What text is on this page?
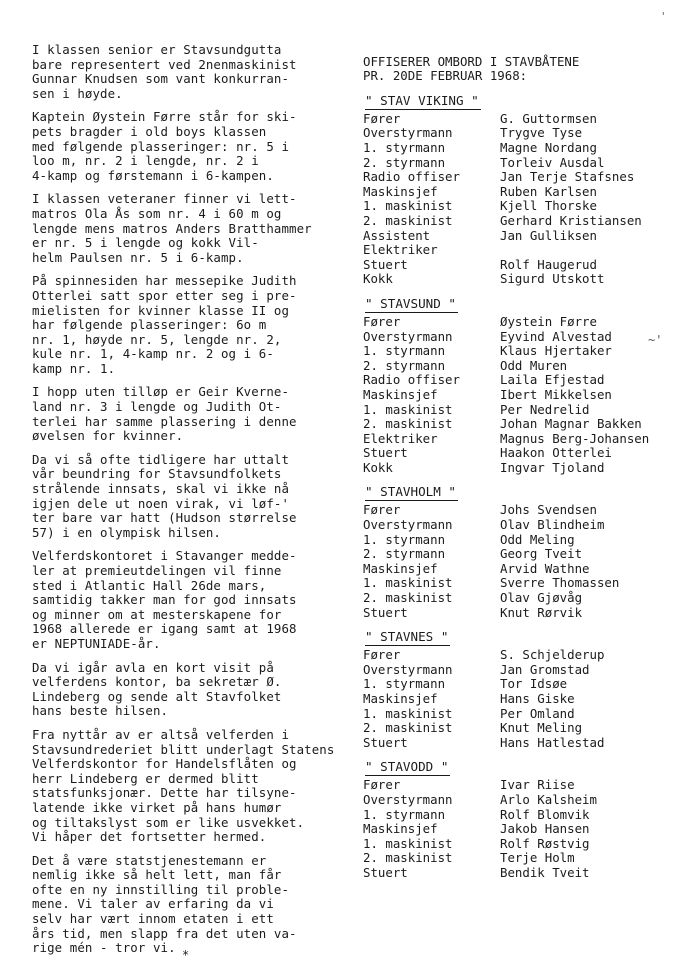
'

I klassen senior er Stavsundgutta
bare representert ved 2nenmaskinist
Gunnar Knudsen som vant konkurran-
sen i høyde.

Kaptein Øystein Førre står for ski-
pets bragder i old boys klassen
med følgende plasseringer: nr. 5 i
loo m, nr. 2 i lengde, nr. 2 i
4-kamp og førstemann i 6-kampen.

I klassen veteraner finner vi lett-
matros Ola Ås som nr. 4 i 60 m og
lengde mens matros Anders Bratthammer
er nr. 5 i lengde og kokk Vil-
helm Paulsen nr. 5 i 6-kamp.

På spinnesiden har messepike Judith
Otterlei satt spor etter seg i pre-
mielisten for kvinner klasse II og
har følgende plasseringer: 6o m
nr. 1, høyde nr. 5, lengde nr. 2,
kule nr. 1, 4-kamp nr. 2 og i 6-
kamp nr. 1.

I hopp uten tilløp er Geir Kverne-
land nr. 3 i lengde og Judith Ot-
terlei har samme plassering i denne
øvelsen for kvinner.

Da vi så ofte tidligere har uttalt
vår beundring for Stavsundfolkets
strålende innsats, skal vi ikke nå
igjen dele ut noen virak, vi løf-'
ter bare var hatt (Hudson størrelse
57) i en olympisk hilsen.

Velferdskontoret i Stavanger medde-
ler at premieutdelingen vil finne
sted i Atlantic Hall 26de mars,
samtidig takker man for god innsats
og minner om at mesterskapene for
1968 allerede er igang samt at 1968
er NEPTUNIADE-år.

Da vi igår avla en kort visit på
velferdens kontor, ba sekretær Ø.
Lindeberg og sende alt Stavfolket
hans beste hilsen.

Fra nyttår av er altså velferden i
Stavsundrederiet blitt underlagt Statens
Velferdskontor for Handelsflåten og
herr Lindeberg er dermed blitt
statsfunksjonær. Dette har tilsyne-
latende ikke virket på hans humør
og tiltakslyst som er like usvekket.
Vi håper det fortsetter hermed.

Det å være statstjenestemann er
nemlig ikke så helt lett, man får
ofte en ny innstilling til proble-
mene. Vi taler av erfaring da vi
selv har vært innom etaten i ett
års tid, men slapp fra det uten va-
rige mén - tror vi.

OFFISERER OMBORD I STAVBÅTENE
PR. 20DE FEBRUAR 1968:
" STAV VIKING "
Fører	G. Guttormsen
Overstyrmann	Trygve Tyse
1. styrmann	Magne Nordang
2. styrmann	Torleiv Ausdal
Radio offiser	Jan Terje Stafsnes
Maskinsjef	Ruben Karlsen
1. maskinist	Kjell Thorske
2. maskinist	Gerhard Kristiansen
Assistent	Jan Gulliksen
Elektriker
Stuert	Rolf Haugerud
Kokk	Sigurd Utskott
" STAVSUND "
Fører	Øystein Førre
Overstyrmann	Eyvind Alvestad
1. styrmann	Klaus Hjertaker
2. styrmann	Odd Muren
Radio offiser	Laila Efjestad
Maskinsjef	Ibert Mikkelsen
1. maskinist	Per Nedrelid
2. maskinist	Johan Magnar Bakken
Elektriker	Magnus Berg-Johansen
Stuert	Haakon Otterlei
Kokk	Ingvar Tjoland
" STAVHOLM "
Fører	Johs Svendsen
Overstyrmann	Olav Blindheim
1. styrmann	Odd Meling
2. styrmann	Georg Tveit
Maskinsjef	Arvid Wathne
1. maskinist	Sverre Thomassen
2. maskinist	Olav Gjøvåg
Stuert	Knut Rørvik
" STAVNES "
Fører	S. Schjelderup
Overstyrmann	Jan Gromstad
1. styrmann	Tor Idsøe
Maskinsjef	Hans Giske
1. maskinist	Per Omland
2. maskinist	Knut Meling
Stuert	Hans Hatlestad
" STAVODD "
Fører	Ivar Riise
Overstyrmann	Arlo Kalsheim
1. styrmann	Rolf Blomvik
Maskinsjef	Jakob Hansen
1. maskinist	Rolf Røstvig
2. maskinist	Terje Holm
Stuert	Bendik Tveit
~'
*
